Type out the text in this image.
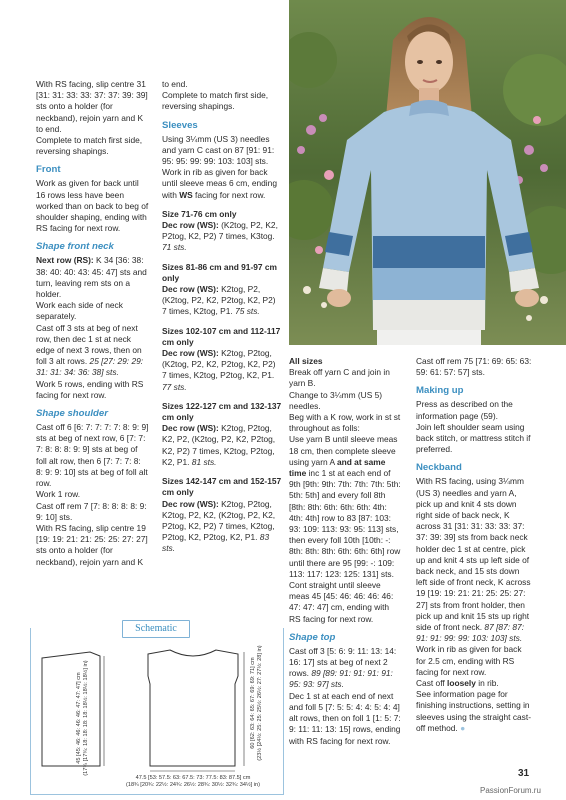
With RS facing, slip centre 31 [31: 31: 33: 33: 37: 37: 39: 39] sts onto a holder (for neckband), rejoin yarn and K to end.

Complete to match first side, reversing shapings.

Front

Work as given for back until 16 rows less have been worked than on back to beg of shoulder shaping, ending with RS facing for next row.

Shape front neck

Next row (RS): K 34 [36: 38: 38: 40: 40: 43: 45: 47] sts and turn, leaving rem sts on a holder.

Work each side of neck separately.

Cast off 3 sts at beg of next row, then dec 1 st at neck edge of next 3 rows, then on foll 3 alt rows. 25 [27: 29: 29: 31: 31: 34: 36: 38] sts.

Work 5 rows, ending with RS facing for next row.

Shape shoulder

Cast off 6 [6: 7: 7: 7: 7: 8: 9: 9] sts at beg of next row, 6 [7: 7: 7: 8: 8: 8: 9: 9] sts at beg of foll alt row, then 6 [7: 7: 7: 8: 8: 9: 9: 10] sts at beg of foll alt row.

Work 1 row.

Cast off rem 7 [7: 8: 8: 8: 8: 9: 9: 10] sts.

With RS facing, slip centre 19 [19: 19: 21: 21: 25: 25: 27: 27] sts onto a holder (for neckband), rejoin yarn and K

to end.

Complete to match first side, reversing shapings.

Sleeves

Using 3¼mm (US 3) needles and yarn C cast on 87 [91: 91: 95: 95: 99: 99: 103: 103] sts.

Work in rib as given for back until sleeve meas 6 cm, ending with WS facing for next row.

Size 71-76 cm only

Dec row (WS): (K2tog, P2, K2, P2tog, K2, P2) 7 times, K3tog. 71 sts.

Sizes 81-86 cm and 91-97 cm only

Dec row (WS): K2tog, P2, (K2tog, P2, K2, P2tog, K2, P2) 7 times, K2tog, P1. 75 sts.

Sizes 102-107 cm and 112-117 cm only

Dec row (WS): K2tog, P2tog, (K2tog, P2, K2, P2tog, K2, P2) 7 times, K2tog, P2tog, K2, P1. 77 sts.

Sizes 122-127 cm and 132-137 cm only

Dec row (WS): K2tog, P2tog, K2, P2, (K2tog, P2, K2, P2tog, K2, P2) 7 times, K2tog, P2tog, K2, P1. 81 sts.

Sizes 142-147 cm and 152-157 cm only

Dec row (WS): K2tog, P2tog, K2tog, P2, K2, (K2tog, P2, K2, P2tog, K2, P2) 7 times, K2tog, P2tog, K2, P2tog, K2, P1. 83 sts.

All sizes

Break off yarn C and join in yarn B.

Change to 3¼mm (US 5) needles.

Beg with a K row, work in st st throughout as folls:

Use yarn B until sleeve meas 18 cm, then complete sleeve using yarn A and at same time inc 1 st at each end of 9th [9th: 9th: 7th: 7th: 7th: 5th: 5th: 5th] and every foll 8th [8th: 8th: 6th: 6th: 6th: 4th: 4th: 4th] row to 83 [87: 103: 93: 109: 113: 93: 95: 113] sts, then every foll 10th [10th: -: 8th: 8th: 8th: 6th: 6th: 6th] row until there are 95 [99: -: 109: 113: 117: 123: 125: 131] sts.

Cont straight until sleeve meas 45 [45: 46: 46: 46: 46: 47: 47: 47] cm, ending with RS facing for next row.

Shape top

Cast off 3 [5: 6: 9: 11: 13: 14: 16: 17] sts at beg of next 2 rows. 89 [89: 91: 91: 91: 91: 95: 93: 97] sts.

Dec 1 st at each end of next and foll 5 [7: 5: 5: 4: 4: 5: 4: 4] alt rows, then on foll 1 [1: 5: 7: 9: 11: 11: 13: 15] rows, ending with RS facing for next row.

Cast off rem 75 [71: 69: 65: 63: 59: 61: 57: 57] sts.

Making up

Press as described on the information page (59).

Join left shoulder seam using back stitch, or mattress stitch if preferred.

Neckband

With RS facing, using 3¼mm (US 3) needles and yarn A, pick up and knit 4 sts down right side of back neck, K across 31 [31: 31: 33: 33: 37: 37: 39: 39] sts from back neck holder dec 1 st at centre, pick up and knit 4 sts up left side of back neck, and 15 sts down left side of front neck, K across 19 [19: 19: 21: 21: 25: 25: 27: 27] sts from front holder, then pick up and knit 15 sts up right side of front neck. 87 [87: 87: 91: 91: 99: 99: 103: 103] sts.

Work in rib as given for back for 2.5 cm, ending with RS facing for next row.

Cast off loosely in rib.

See information page for finishing instructions, setting in sleeves using the straight cast-off method. ●

Schematic
45 [45: 46: 46: 46: 46: 47: 47: 47] cm (17¾ [17¾: 18: 18: 18: 18: 18½: 18½: 18½] in)	60 [62: 63: 64: 65: 67: 69: 69: 71] cm (23½ [24½: 25: 25: 25½: 26½: 27: 27½: 28] in)
47.5 [53: 57.5: 63: 67.5: 73: 77.5: 83: 87.5] cm
(18¾ [20¾: 22½: 24¾: 26½: 28¾: 30½: 32¾: 34½] in)
31
PassionForum.ru
